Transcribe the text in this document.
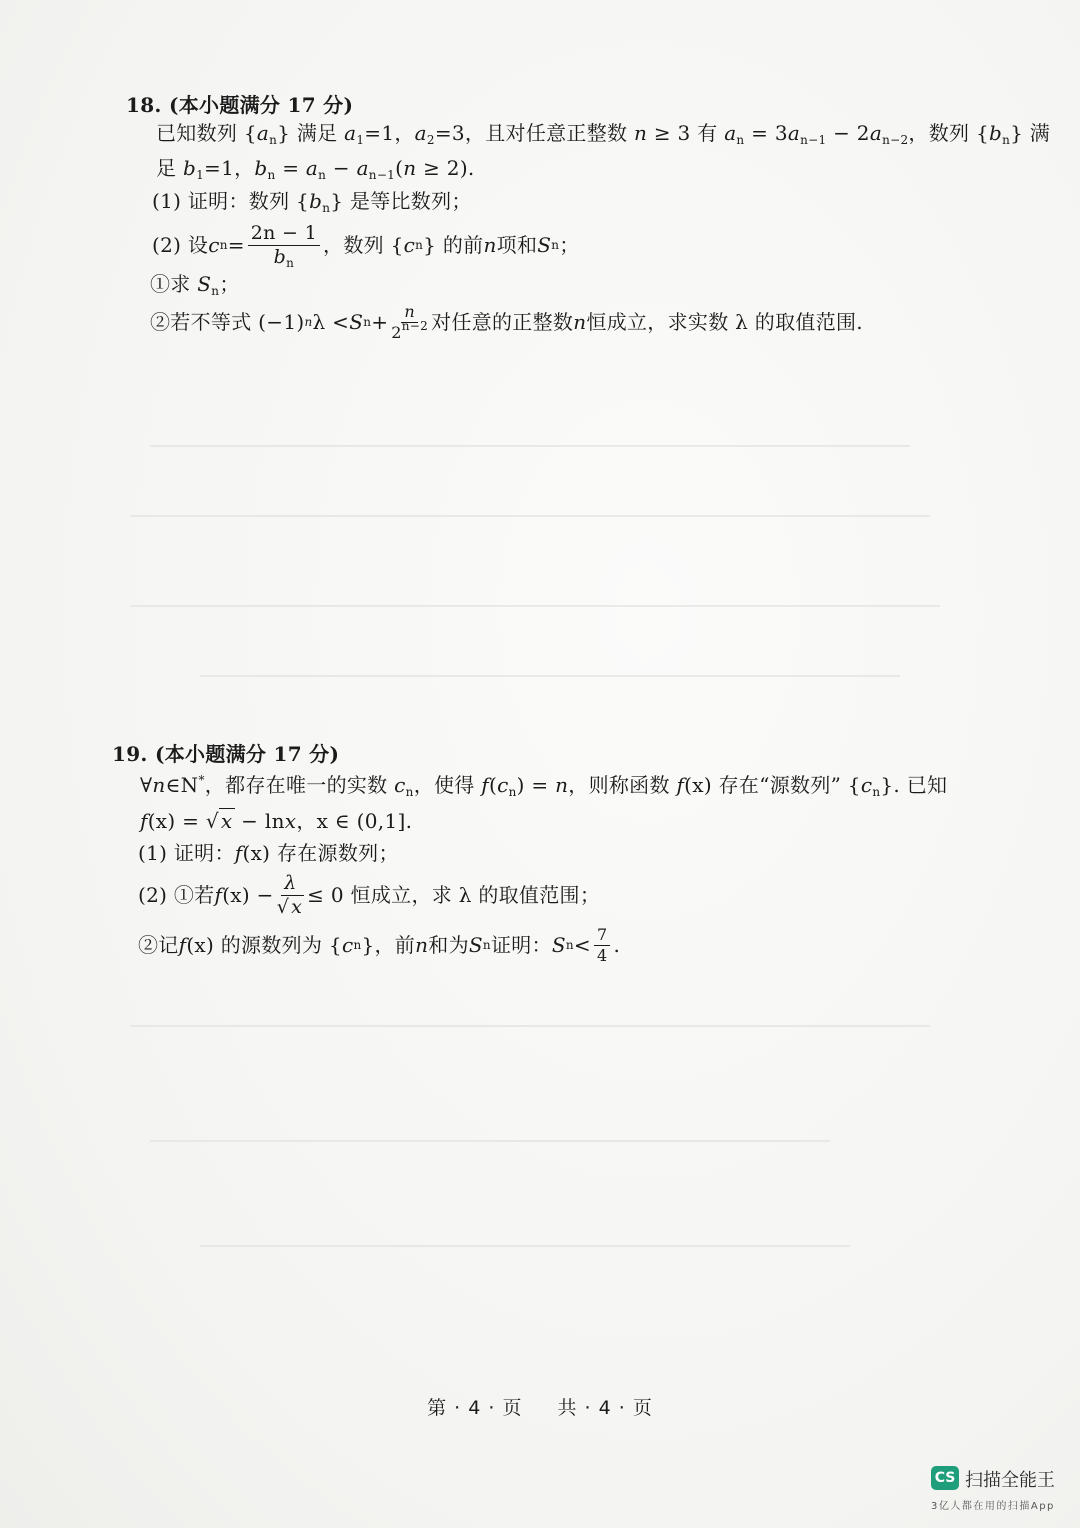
18. (本小题满分 17 分)
已知数列 $\{a_n\}$ 满足 $a_1=1$，$a_2=3$，且对任意正整数 n ≥ 3 有 $a_n = 3a_{n-1} - 2a_{n-2}$，数列 $\{b_n\}$ 满
足 $b_1=1$，$b_n = a_n - a_{n-1}(n \ge 2)$.
(1) 证明：数列 $\{b_n\}$ 是等比数列；
(2) 设 c $n = \frac{2n - 1}{b_n}$ ，数列 { c n } 的前 n 项和 S n ；
①求 $S_n$；
②若不等式 (−1) n λ < S $n + \frac{n}{2^{n-2}}$ 对任意的正整数 n 恒成立，求实数 λ 的取值范围.
19. (本小题满分 17 分)
∀n∈N*，都存在唯一的实数 $c_n$，使得 $f(c_n) = n$，则称函数 f(x) 存在“源数列” $\{c_n\}$. 已知
f(x) = √ x − lnx，x ∈ (0,1].
(1) 证明：f(x) 存在源数列；
(2) ①若 f $(x) - \frac{\lambda}{√ x} \le 0$ 恒成立，求 λ 的取值范围；
②记 f (x) 的源数列为 { c n }，前 n 和为 S n 证明： S $n < \frac{7}{4}$ .
第 · 4 · 页 共 · 4 · 页
CS 扫描全能王
3亿人都在用的扫描App
